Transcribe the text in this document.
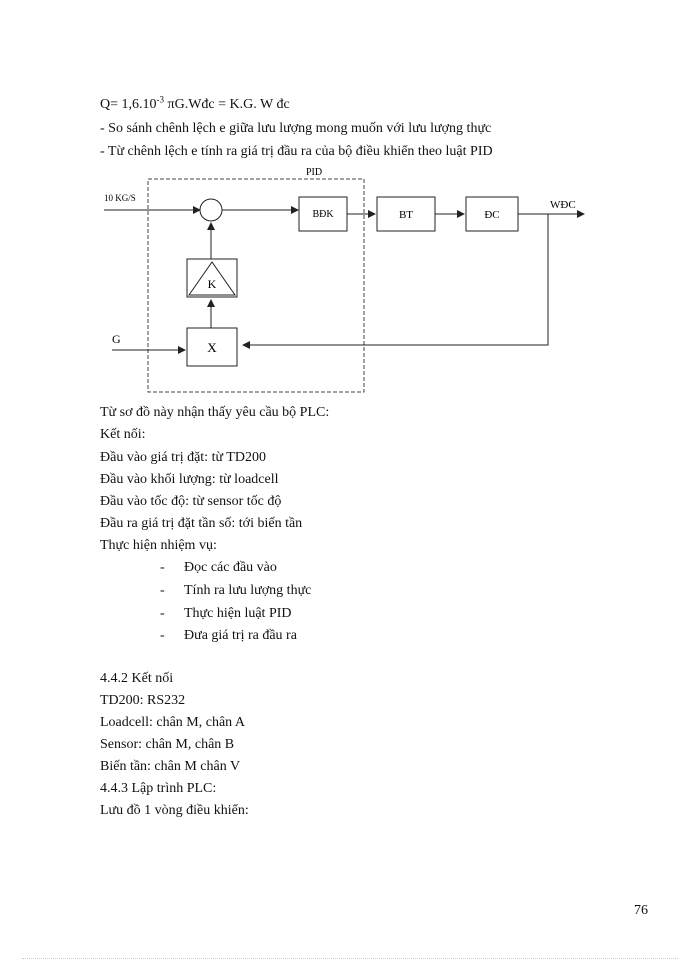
$Q= 1,6.10^{-3}$ πG.Wđc = K.G. W đc
- So sánh chênh lệch e giữa lưu lượng mong muốn với lưu lượng thực
- Từ chênh lệch e tính ra giá trị đầu ra của bộ điều khiển theo luật PID
PID
10 KG/S
BĐK	BT	ĐC
WĐC
G
X
K
Từ sơ đồ này nhận thấy yêu cầu bộ PLC:
Kết nối:
Đầu vào giá trị đặt: từ TD200
Đầu vào khối lượng: từ loadcell
Đầu vào tốc độ: từ sensor tốc độ
Đầu ra giá trị đặt tần số: tới biến tần
Thực hiện nhiệm vụ:
- Đọc các đầu vào
- Tính ra lưu lượng thực
- Thực hiện luật PID
- Đưa giá trị ra đầu ra
4.4.2 Kết nối
TD200: RS232
Loadcell: chân M, chân A
Sensor: chân M, chân B
Biến tần: chân M chân V
4.4.3 Lập trình PLC:
Lưu đồ 1 vòng điều khiển:
76
